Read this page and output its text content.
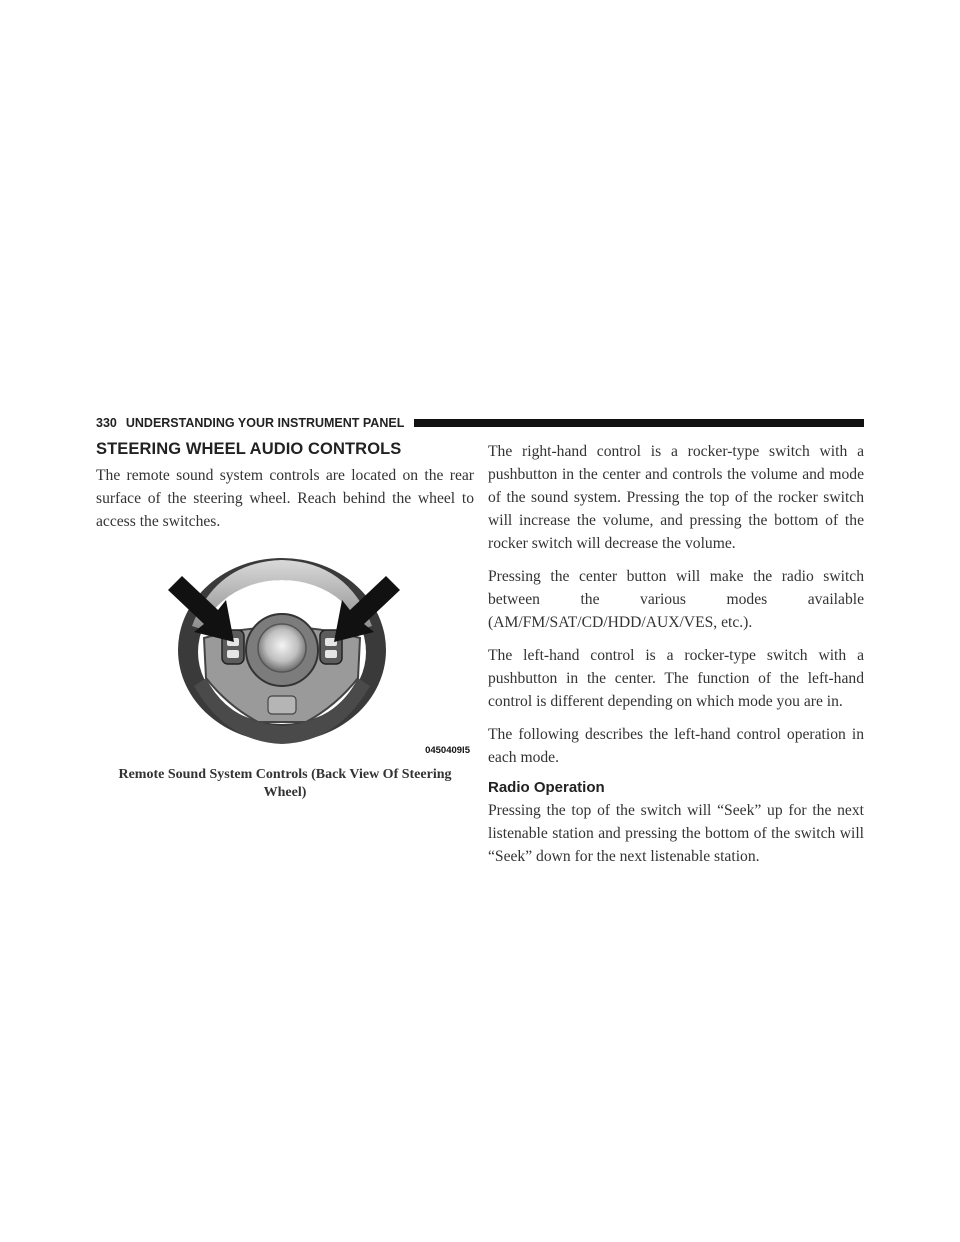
330 UNDERSTANDING YOUR INSTRUMENT PANEL
STEERING WHEEL AUDIO CONTROLS

The remote sound system controls are located on the rear surface of the steering wheel. Reach behind the wheel to access the switches.

0450409l5
Remote Sound System Controls (Back View Of Steering Wheel)

The right-hand control is a rocker-type switch with a pushbutton in the center and controls the volume and mode of the sound system. Pressing the top of the rocker switch will increase the volume, and pressing the bottom of the rocker switch will decrease the volume.

Pressing the center button will make the radio switch between the various modes available (AM/FM/SAT/CD/HDD/AUX/VES, etc.).

The left-hand control is a rocker-type switch with a pushbutton in the center. The function of the left-hand control is different depending on which mode you are in.

The following describes the left-hand control operation in each mode.

Radio Operation

Pressing the top of the switch will “Seek” up for the next listenable station and pressing the bottom of the switch will “Seek” down for the next listenable station.
